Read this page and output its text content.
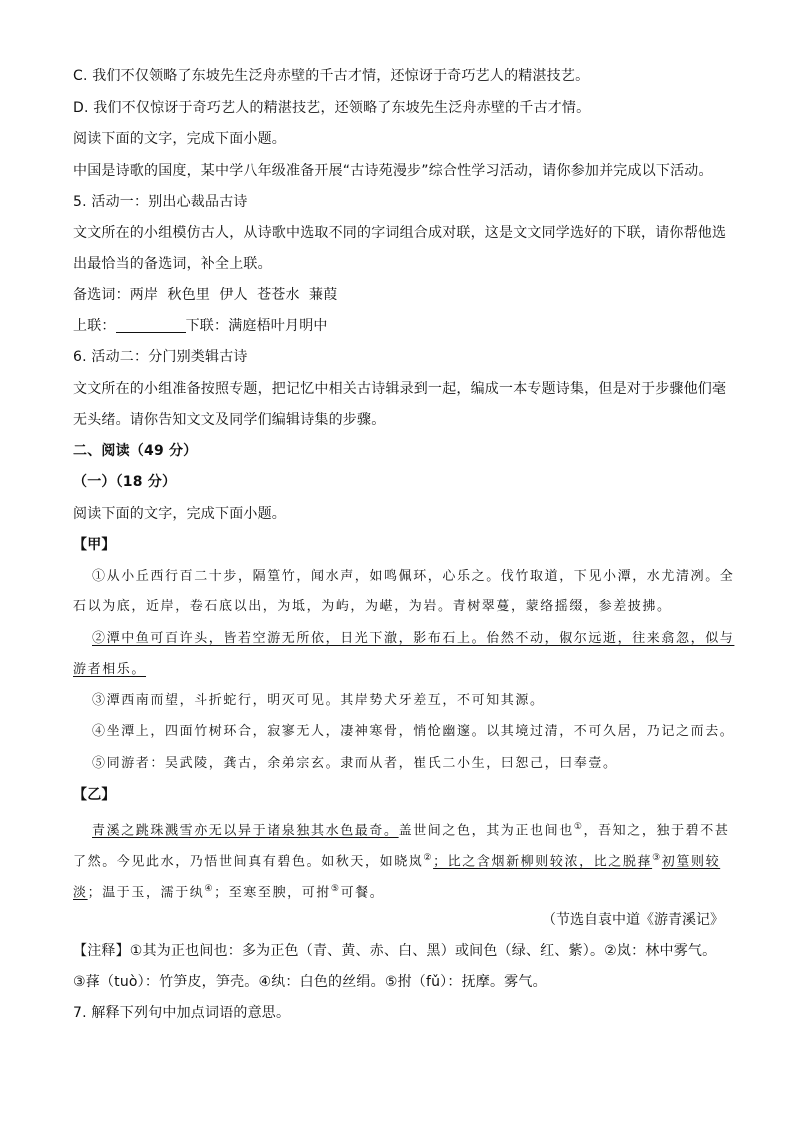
C. 我们不仅领略了东坡先生泛舟赤壁的千古才情，还惊讶于奇巧艺人的精湛技艺。
D. 我们不仅惊讶于奇巧艺人的精湛技艺，还领略了东坡先生泛舟赤壁的千古才情。
阅读下面的文字，完成下面小题。
中国是诗歌的国度，某中学八年级准备开展“古诗苑漫步”综合性学习活动，请你参加并完成以下活动。
5. 活动一：别出心裁品古诗
文文所在的小组模仿古人，从诗歌中选取不同的字词组合成对联，这是文文同学选好的下联，请你帮他选
出最恰当的备选词，补全上联。
备选词：两岸  秋色里  伊人  苍苍水  蒹葭
上联：	下联：满庭梧叶月明中
6. 活动二：分门别类辑古诗
文文所在的小组准备按照专题，把记忆中相关古诗辑录到一起，编成一本专题诗集，但是对于步骤他们毫
无头绪。请你告知文文及同学们编辑诗集的步骤。
二、阅读（49 分）
（一）（18 分）
阅读下面的文字，完成下面小题。
【甲】
①从小丘西行百二十步，隔篁竹，闻水声，如鸣佩环，心乐之。伐竹取道，下见小潭，水尤清冽。全
石以为底，近岸，卷石底以出，为坻，为屿，为嵁，为岩。青树翠蔓，蒙络摇缀，参差披拂。
②潭中鱼可百许头，皆若空游无所依，日光下澈，影布石上。佁然不动，俶尔远逝，往来翕忽，似与
游者相乐。
③潭西南而望，斗折蛇行，明灭可见。其岸势犬牙差互，不可知其源。
④坐潭上，四面竹树环合，寂寥无人，凄神寒骨，悄怆幽邃。以其境过清，不可久居，乃记之而去。
⑤同游者：吴武陵，龚古，余弟宗玄。隶而从者，崔氏二小生，曰恕己，曰奉壹。
【乙】
青溪之跳珠溅雪亦无以异于诸泉独其水色最奇。盖世间之色，其为正也间也①，吾知之，独于碧不甚
了然。今见此水，乃悟世间真有碧色。如秋天，如晓岚②；比之含烟新柳则较浓，比之脱萚③初篁则较
淡；温于玉，濡于纨④；至寒至腴，可拊⑤可餐。
（节选自袁中道《游青溪记》
【注释】①其为正也间也：多为正色（青、黄、赤、白、黑）或间色（绿、红、紫）。②岚：林中雾气。
③萚（tuò）：竹笋皮，笋壳。④纨：白色的丝绢。⑤拊（fǔ）：抚摩。雾气。
7. 解释下列句中加点词语的意思。
